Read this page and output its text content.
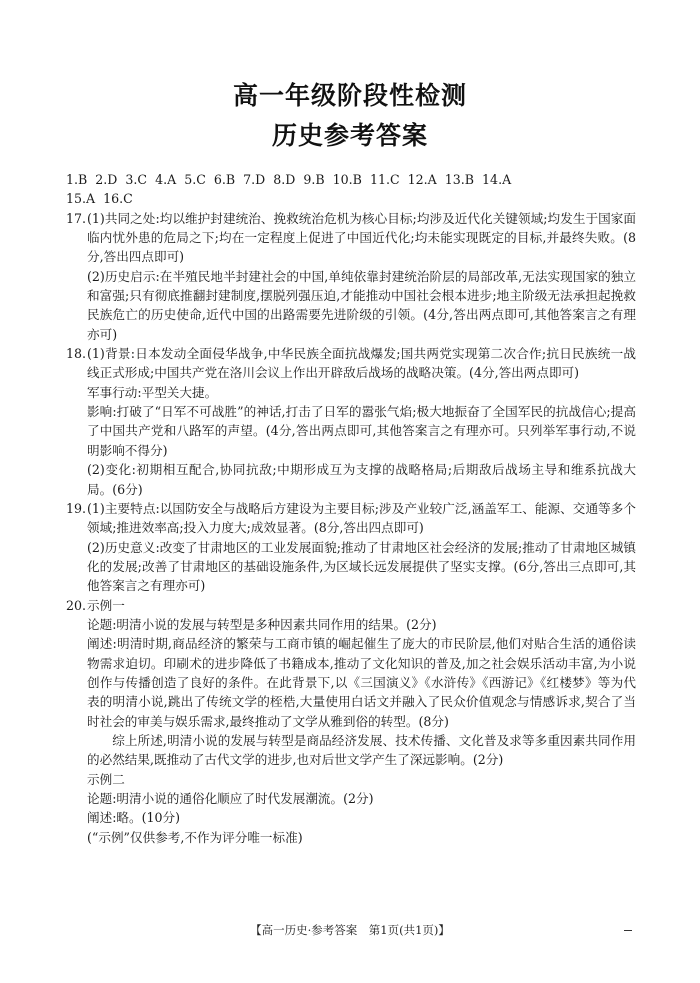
高一年级阶段性检测
历史参考答案
1.B 2.D 3.C 4.A 5.C 6.B 7.D 8.D 9.B 10.B 11.C 12.A 13.B 14.A
15.A 16.C
17. (1)共同之处:均以维护封建统治、挽救统治危机为核心目标;均涉及近代化关键领域;均发生于国家面临内忧外患的危局之下;均在一定程度上促进了中国近代化;均未能实现既定的目标,并最终失败。(8分,答出四点即可)

(2)历史启示:在半殖民地半封建社会的中国,单纯依靠封建统治阶层的局部改革,无法实现国家的独立和富强;只有彻底推翻封建制度,摆脱列强压迫,才能推动中国社会根本进步;地主阶级无法承担起挽救民族危亡的历史使命,近代中国的出路需要先进阶级的引领。(4分,答出两点即可,其他答案言之有理亦可)

18. (1)背景:日本发动全面侵华战争,中华民族全面抗战爆发;国共两党实现第二次合作;抗日民族统一战线正式形成;中国共产党在洛川会议上作出开辟敌后战场的战略决策。(4分,答出两点即可)

军事行动:平型关大捷。

影响:打破了“日军不可战胜”的神话,打击了日军的嚣张气焰;极大地振奋了全国军民的抗战信心;提高了中国共产党和八路军的声望。(4分,答出两点即可,其他答案言之有理亦可。只列举军事行动,不说明影响不得分)

(2)变化:初期相互配合,协同抗敌;中期形成互为支撑的战略格局;后期敌后战场主导和维系抗战大局。(6分)

19. (1)主要特点:以国防安全与战略后方建设为主要目标;涉及产业较广泛,涵盖军工、能源、交通等多个领域;推进效率高;投入力度大;成效显著。(8分,答出四点即可)

(2)历史意义:改变了甘肃地区的工业发展面貌;推动了甘肃地区社会经济的发展;推动了甘肃地区城镇化的发展;改善了甘肃地区的基础设施条件,为区域长远发展提供了坚实支撑。(6分,答出三点即可,其他答案言之有理亦可)

20. 示例一

论题:明清小说的发展与转型是多种因素共同作用的结果。(2分)

阐述:明清时期,商品经济的繁荣与工商市镇的崛起催生了庞大的市民阶层,他们对贴合生活的通俗读物需求迫切。印刷术的进步降低了书籍成本,推动了文化知识的普及,加之社会娱乐活动丰富,为小说创作与传播创造了良好的条件。在此背景下,以《三国演义》《水浒传》《西游记》《红楼梦》等为代表的明清小说,跳出了传统文学的桎梏,大量使用白话文并融入了民众价值观念与情感诉求,契合了当时社会的审美与娱乐需求,最终推动了文学从雅到俗的转型。(8分)

综上所述,明清小说的发展与转型是商品经济发展、技术传播、文化普及求等多重因素共同作用的必然结果,既推动了古代文学的进步,也对后世文学产生了深远影响。(2分)

示例二

论题:明清小说的通俗化顺应了时代发展潮流。(2分)

阐述:略。(10分)

(“示例”仅供参考,不作为评分唯一标准)

【高一历史·参考答案　第1页(共1页)】
